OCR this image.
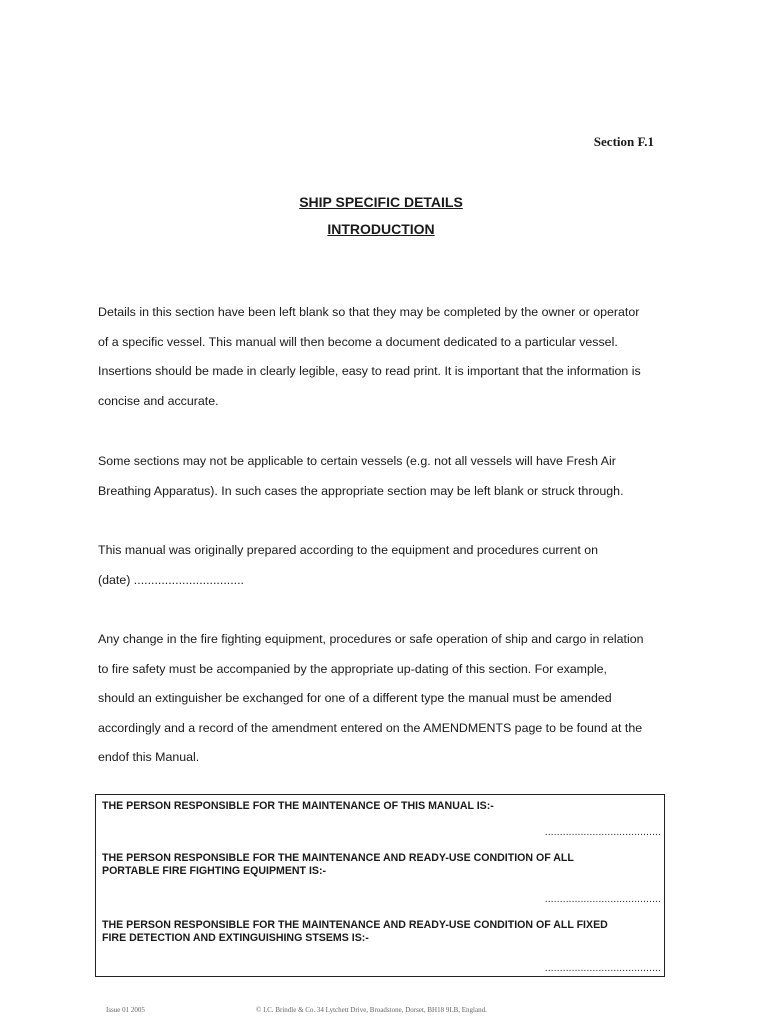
Section F.1
SHIP SPECIFIC DETAILS
INTRODUCTION

Details in this section have been left blank so that they may be completed by the owner or operator
of a specific vessel. This manual will then become a document dedicated to a particular vessel.
Insertions should be made in clearly legible, easy to read print. It is important that the information is
concise and accurate.

Some sections may not be applicable to certain vessels (e.g. not all vessels will have Fresh Air
Breathing Apparatus). In such cases the appropriate section may be left blank or struck through.

This manual was originally prepared according to the equipment and procedures current on
(date) ................................

Any change in the fire fighting equipment, procedures or safe operation of ship and cargo in relation
to fire safety must be accompanied by the appropriate up-dating of this section. For example,
should an extinguisher be exchanged for one of a different type the manual must be amended
accordingly and a record of the amendment entered on the AMENDMENTS page to be found at the
endof this Manual.

THE PERSON RESPONSIBLE FOR THE MAINTENANCE OF THIS MANUAL IS:-
.......................................
THE PERSON RESPONSIBLE FOR THE MAINTENANCE AND READY-USE CONDITION OF ALL
PORTABLE FIRE FIGHTING EQUIPMENT IS:-
.......................................
THE PERSON RESPONSIBLE FOR THE MAINTENANCE AND READY-USE CONDITION OF ALL FIXED
FIRE DETECTION AND EXTINGUISHING STSEMS IS:-
.......................................
Issue 01 2005	© I.C. Brindle & Co. 34 Lytchett Drive, Broadstone, Dorset, BH18 9LB, England.
